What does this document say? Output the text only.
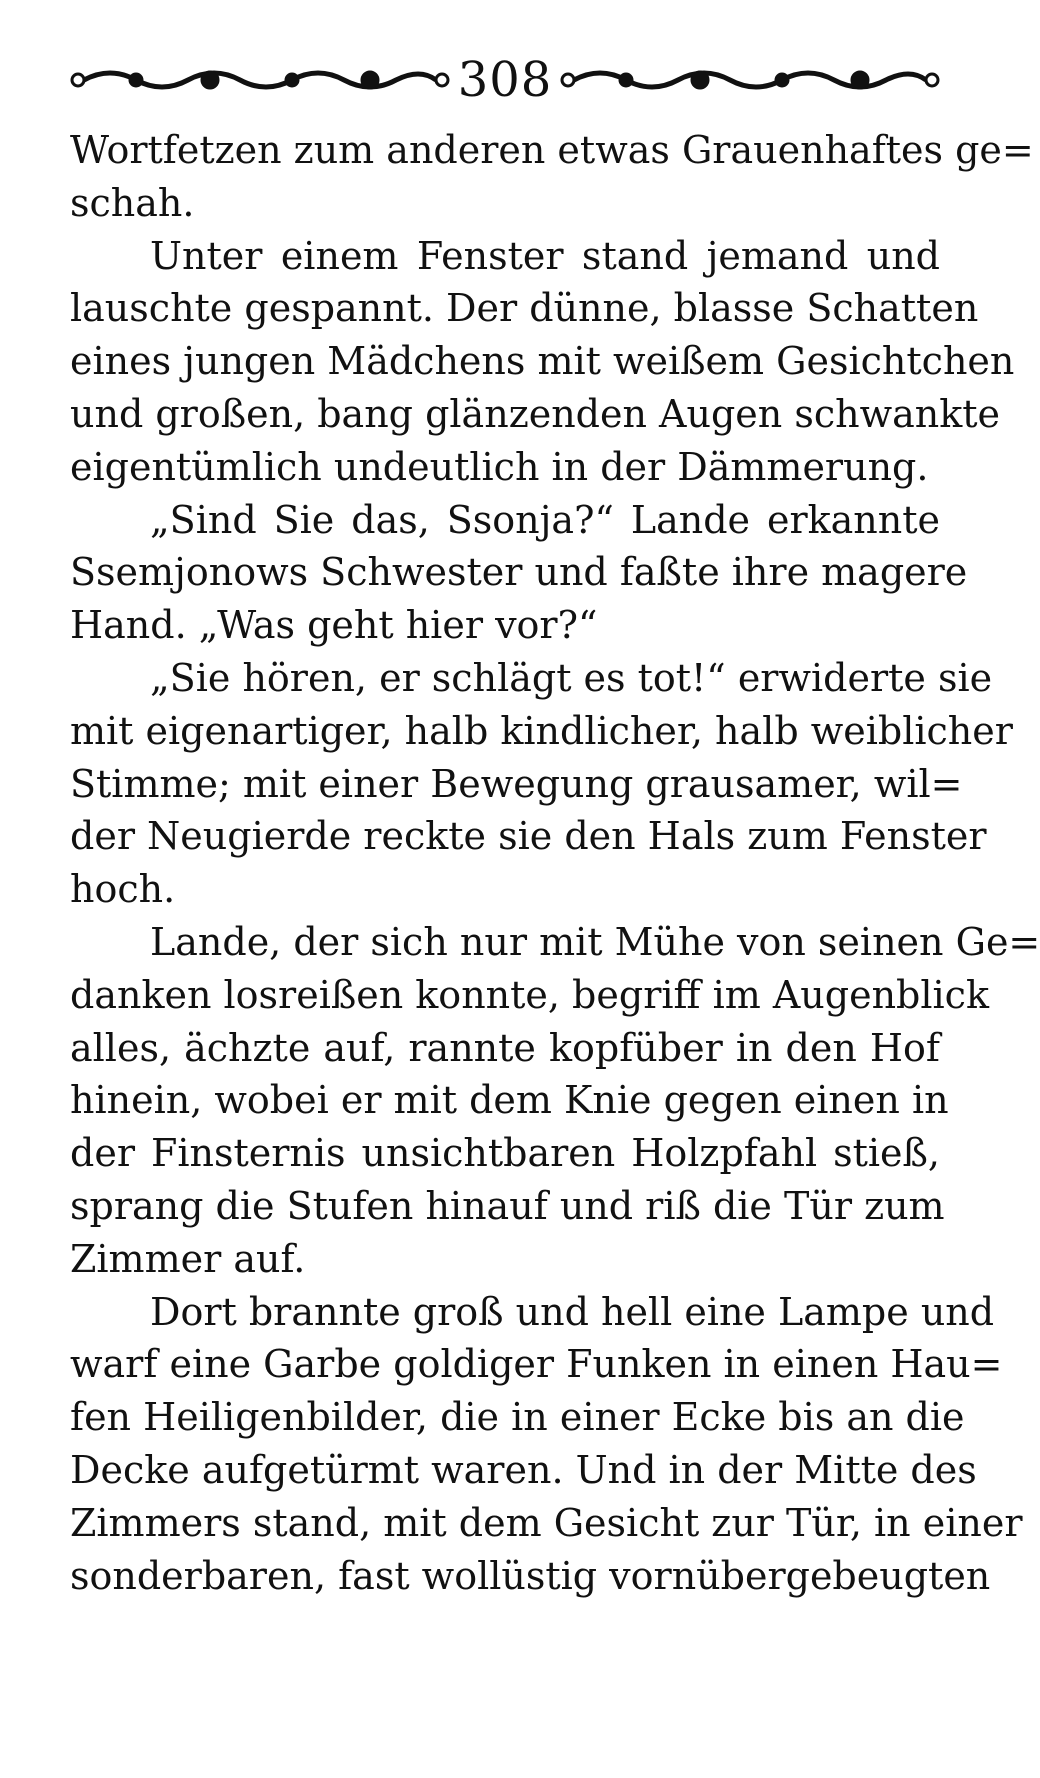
308
Wortfetzen zum anderen etwas Grauenhaftes ge=
schah.
Unter einem Fenster stand jemand und
lauschte gespannt. Der dünne, blasse Schatten
eines jungen Mädchens mit weißem Gesichtchen
und großen, bang glänzenden Augen schwankte
eigentümlich undeutlich in der Dämmerung.
„Sind Sie das, Ssonja?“ Lande erkannte
Ssemjonows Schwester und faßte ihre magere
Hand. „Was geht hier vor?“
„Sie hören, er schlägt es tot!“ erwiderte sie
mit eigenartiger, halb kindlicher, halb weiblicher
Stimme; mit einer Bewegung grausamer, wil=
der Neugierde reckte sie den Hals zum Fenster
hoch.
Lande, der sich nur mit Mühe von seinen Ge=
danken losreißen konnte, begriff im Augenblick
alles, ächzte auf, rannte kopfüber in den Hof
hinein, wobei er mit dem Knie gegen einen in
der Finsternis unsichtbaren Holzpfahl stieß,
sprang die Stufen hinauf und riß die Tür zum
Zimmer auf.
Dort brannte groß und hell eine Lampe und
warf eine Garbe goldiger Funken in einen Hau=
fen Heiligenbilder, die in einer Ecke bis an die
Decke aufgetürmt waren. Und in der Mitte des
Zimmers stand, mit dem Gesicht zur Tür, in einer
sonderbaren, fast wollüstig vornübergebeugten
